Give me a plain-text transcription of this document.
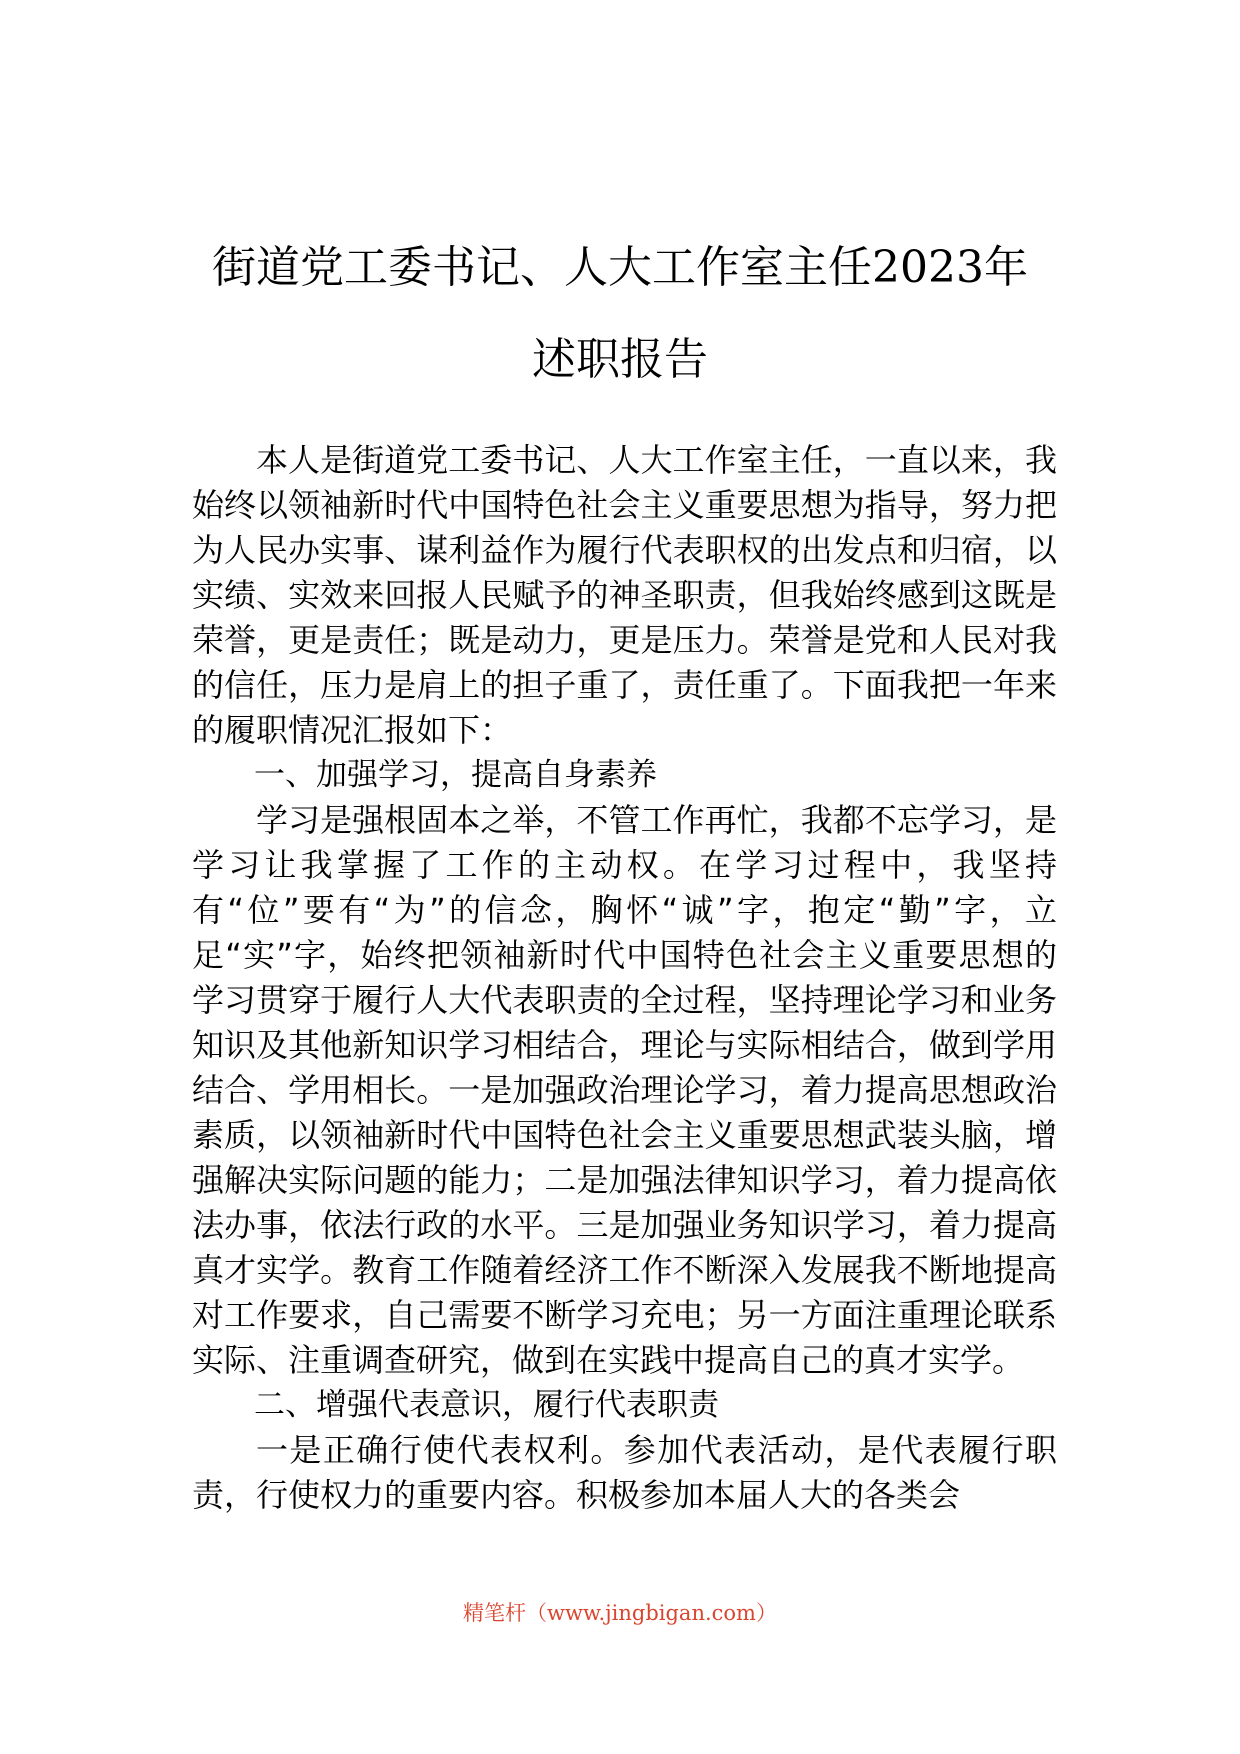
街道党工委书记、人大工作室主任2023年
述职报告

本人是街道党工委书记、人大工作室主任，一直以来，我始终以领袖新时代中国特色社会主义重要思想为指导，努力把为人民办实事、谋利益作为履行代表职权的出发点和归宿，以实绩、实效来回报人民赋予的神圣职责，但我始终感到这既是荣誉，更是责任；既是动力，更是压力。荣誉是党和人民对我的信任，压力是肩上的担子重了，责任重了。下面我把一年来的履职情况汇报如下：

一、加强学习，提高自身素养

学习是强根固本之举，不管工作再忙，我都不忘学习，是学习让我掌握了工作的主动权。在学习过程中，我坚持有“位”要有“为”的信念，胸怀“诚”字，抱定“勤”字，立足“实”字，始终把领袖新时代中国特色社会主义重要思想的学习贯穿于履行人大代表职责的全过程，坚持理论学习和业务知识及其他新知识学习相结合，理论与实际相结合，做到学用结合、学用相长。一是加强政治理论学习，着力提高思想政治素质，以领袖新时代中国特色社会主义重要思想武装头脑，增强解决实际问题的能力；二是加强法律知识学习，着力提高依法办事，依法行政的水平。三是加强业务知识学习，着力提高真才实学。教育工作随着经济工作不断深入发展我不断地提高对工作要求，自己需要不断学习充电；另一方面注重理论联系实际、注重调查研究，做到在实践中提高自己的真才实学。

二、增强代表意识，履行代表职责

一是正确行使代表权利。参加代表活动，是代表履行职责，行使权力的重要内容。积极参加本届人大的各类会

精笔杆（www.jingbigan.com）
